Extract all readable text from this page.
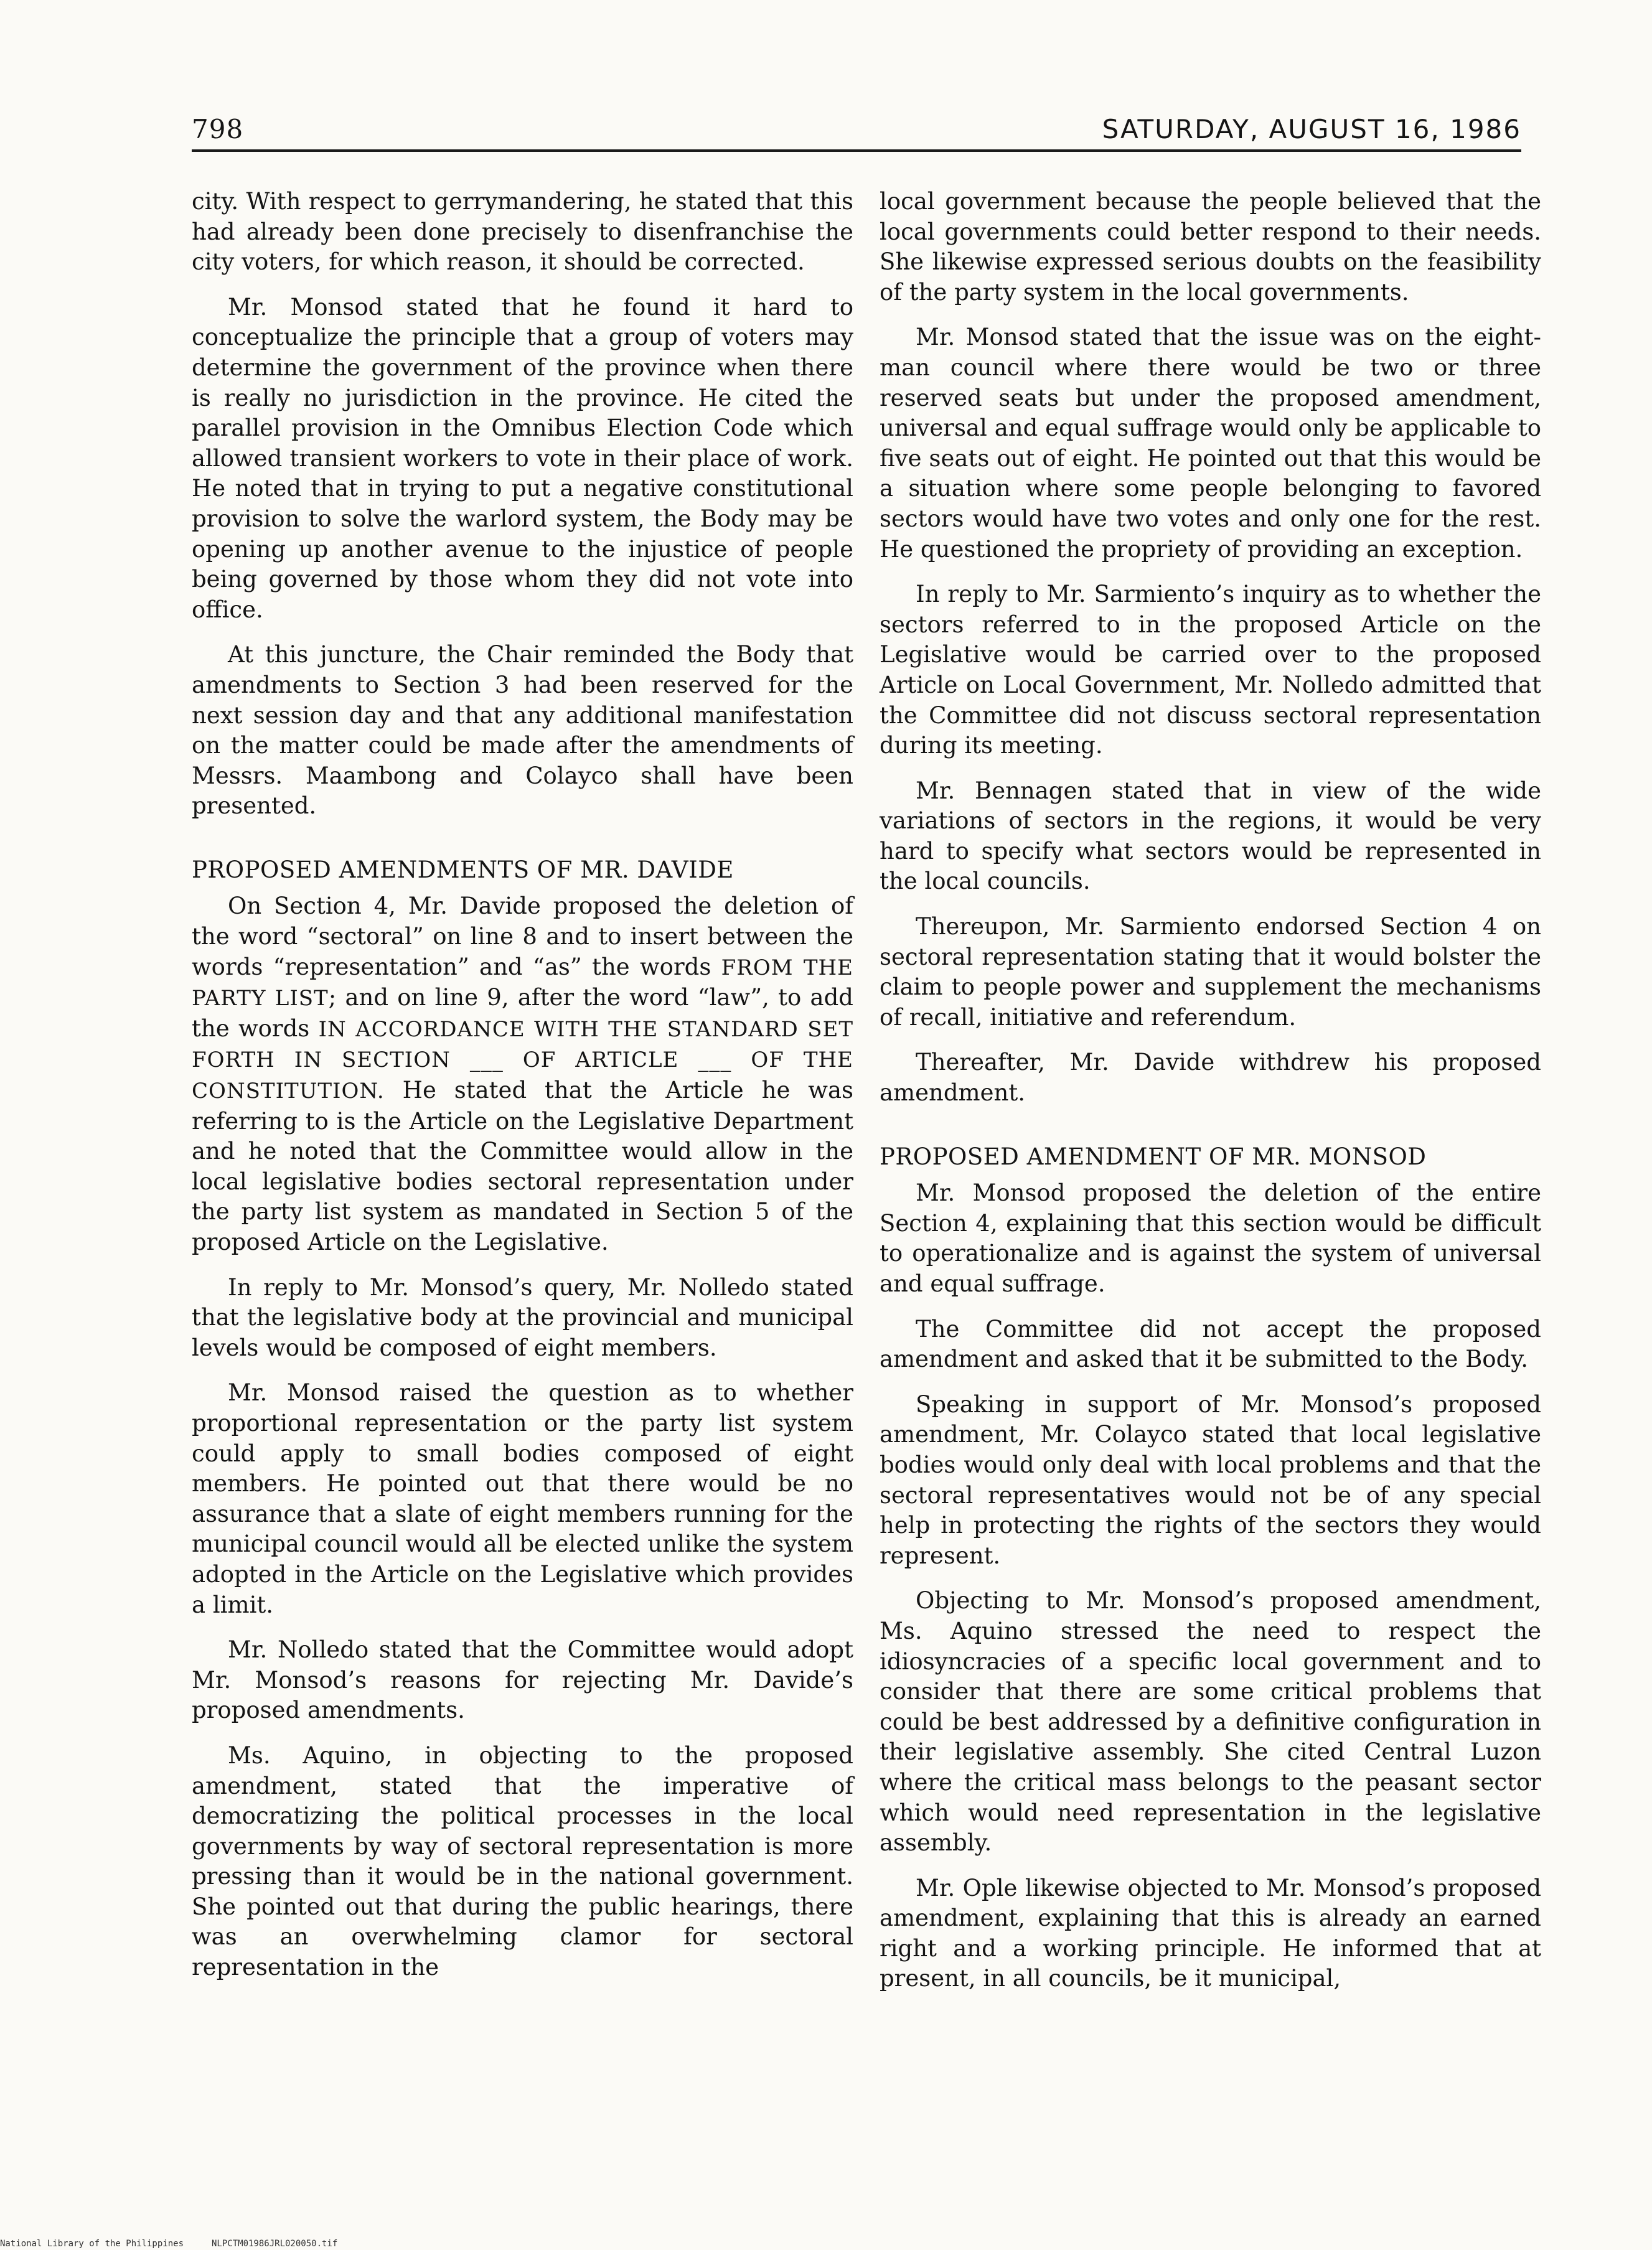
798	SATURDAY, AUGUST 16, 1986

city. With respect to gerrymandering, he stated that this had already been done precisely to disenfranchise the city voters, for which reason, it should be corrected.

Mr. Monsod stated that he found it hard to conceptualize the principle that a group of voters may determine the government of the province when there is really no jurisdiction in the province. He cited the parallel provision in the Omnibus Election Code which allowed transient workers to vote in their place of work. He noted that in trying to put a negative constitutional provision to solve the warlord system, the Body may be opening up another avenue to the injustice of people being governed by those whom they did not vote into office.

At this juncture, the Chair reminded the Body that amendments to Section 3 had been reserved for the next session day and that any additional manifestation on the matter could be made after the amendments of Messrs. Maambong and Colayco shall have been presented.

PROPOSED AMENDMENTS OF MR. DAVIDE

On Section 4, Mr. Davide proposed the deletion of the word “sectoral” on line 8 and to insert between the words “representation” and “as” the words FROM THE PARTY LIST; and on line 9, after the word “law”, to add the words IN ACCORDANCE WITH THE STANDARD SET FORTH IN SECTION ___ OF ARTICLE ___ OF THE CONSTITUTION. He stated that the Article he was referring to is the Article on the Legislative Department and he noted that the Committee would allow in the local legislative bodies sectoral representation under the party list system as mandated in Section 5 of the proposed Article on the Legislative.

In reply to Mr. Monsod’s query, Mr. Nolledo stated that the legislative body at the provincial and municipal levels would be composed of eight members.

Mr. Monsod raised the question as to whether proportional representation or the party list system could apply to small bodies composed of eight members. He pointed out that there would be no assurance that a slate of eight members running for the municipal council would all be elected unlike the system adopted in the Article on the Legislative which provides a limit.

Mr. Nolledo stated that the Committee would adopt Mr. Monsod’s reasons for rejecting Mr. Davide’s proposed amendments.

Ms. Aquino, in objecting to the proposed amendment, stated that the imperative of democratizing the political processes in the local governments by way of sectoral representation is more pressing than it would be in the national government. She pointed out that during the public hearings, there was an overwhelming clamor for sectoral representation in the

local government because the people believed that the local governments could better respond to their needs. She likewise expressed serious doubts on the feasibility of the party system in the local governments.

Mr. Monsod stated that the issue was on the eight-man council where there would be two or three reserved seats but under the proposed amendment, universal and equal suffrage would only be applicable to five seats out of eight. He pointed out that this would be a situation where some people belonging to favored sectors would have two votes and only one for the rest. He questioned the propriety of providing an exception.

In reply to Mr. Sarmiento’s inquiry as to whether the sectors referred to in the proposed Article on the Legislative would be carried over to the proposed Article on Local Government, Mr. Nolledo admitted that the Committee did not discuss sectoral representation during its meeting.

Mr. Bennagen stated that in view of the wide variations of sectors in the regions, it would be very hard to specify what sectors would be represented in the local councils.

Thereupon, Mr. Sarmiento endorsed Section 4 on sectoral representation stating that it would bolster the claim to people power and supplement the mechanisms of recall, initiative and referendum.

Thereafter, Mr. Davide withdrew his proposed amendment.

PROPOSED AMENDMENT OF MR. MONSOD

Mr. Monsod proposed the deletion of the entire Section 4, explaining that this section would be difficult to operationalize and is against the system of universal and equal suffrage.

The Committee did not accept the proposed amendment and asked that it be submitted to the Body.

Speaking in support of Mr. Monsod’s proposed amendment, Mr. Colayco stated that local legislative bodies would only deal with local problems and that the sectoral representatives would not be of any special help in protecting the rights of the sectors they would represent.

Objecting to Mr. Monsod’s proposed amendment, Ms. Aquino stressed the need to respect the idiosyncracies of a specific local government and to consider that there are some critical problems that could be best addressed by a definitive configuration in their legislative assembly. She cited Central Luzon where the critical mass belongs to the peasant sector which would need representation in the legislative assembly.

Mr. Ople likewise objected to Mr. Monsod’s proposed amendment, explaining that this is already an earned right and a working principle. He informed that at present, in all councils, be it municipal,

National Library of the Philippines	NLPCTM01986JRL020050.tif
